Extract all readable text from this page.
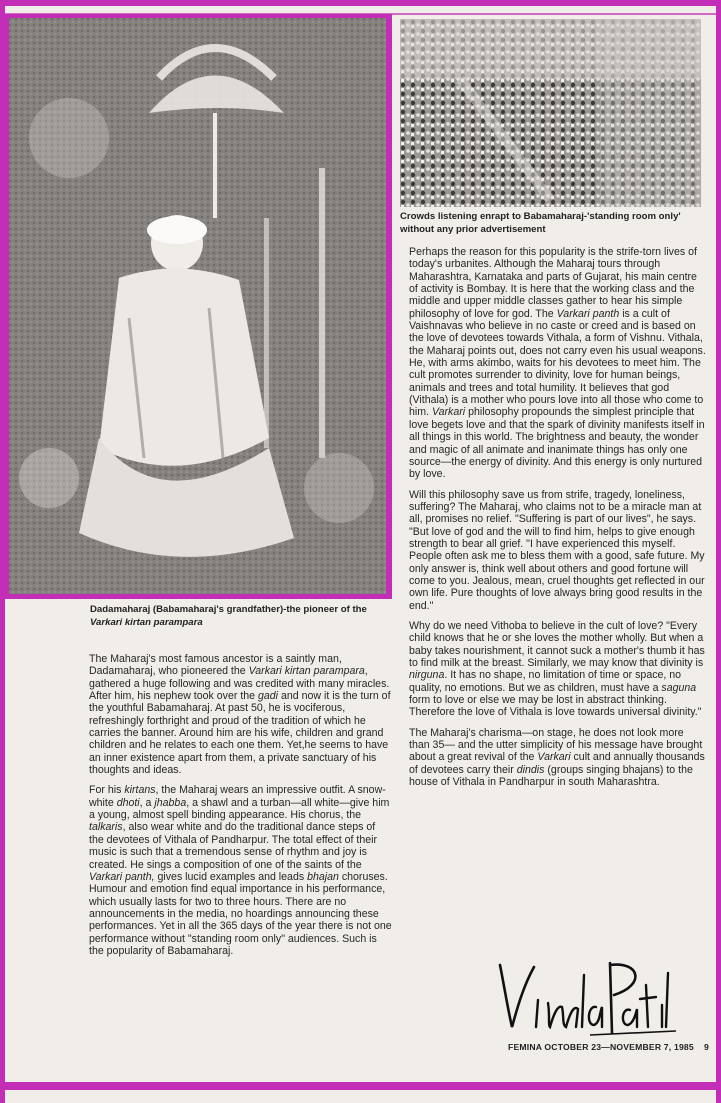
Dadamaharaj (Babamaharaj's grandfather)-the pioneer of the Varkari kirtan parampara
Crowds listening enrapt to Babamaharaj-'standing room only' without any prior advertisement

The Maharaj's most famous ancestor is a saintly man, Dadamaharaj, who pioneered the Varkari kirtan parampara, gathered a huge following and was credited with many miracles. After him, his nephew took over the gadi and now it is the turn of the youthful Babamaharaj. At past 50, he is vociferous, refreshingly forthright and proud of the tradition of which he carries the banner. Around him are his wife, children and grand children and he relates to each one them. Yet,he seems to have an inner existence apart from them, a private sanctuary of his thoughts and ideas.

For his kirtans, the Maharaj wears an impressive outfit. A snow-white dhoti, a jhabba, a shawl and a turban—all white—give him a young, almost spell binding appearance. His chorus, the talkaris, also wear white and do the traditional dance steps of the devotees of Vithala of Pandharpur. The total effect of their music is such that a tremendous sense of rhythm and joy is created. He sings a composition of one of the saints of the Varkari panth, gives lucid examples and leads bhajan choruses. Humour and emotion find equal importance in his performance, which usually lasts for two to three hours. There are no announcements in the media, no hoardings announcing these performances. Yet in all the 365 days of the year there is not one performance without "standing room only" audiences. Such is the popularity of Babamaharaj.

Perhaps the reason for this popularity is the strife-torn lives of today's urbanites. Although the Maharaj tours through Maharashtra, Karnataka and parts of Gujarat, his main centre of activity is Bombay. It is here that the working class and the middle and upper middle classes gather to hear his simple philosophy of love for god. The Varkari panth is a cult of Vaishnavas who believe in no caste or creed and is based on the love of devotees towards Vithala, a form of Vishnu. Vithala, the Maharaj points out, does not carry even his usual weapons. He, with arms akimbo, waits for his devotees to meet him. The cult promotes surrender to divinity, love for human beings, animals and trees and total humility. It believes that god (Vithala) is a mother who pours love into all those who come to him. Varkari philosophy propounds the simplest principle that love begets love and that the spark of divinity manifests itself in all things in this world. The brightness and beauty, the wonder and magic of all animate and inanimate things has only one source—the energy of divinity. And this energy is only nurtured by love.

Will this philosophy save us from strife, tragedy, loneliness, suffering? The Maharaj, who claims not to be a miracle man at all, promises no relief. "Suffering is part of our lives", he says. "But love of god and the will to find him, helps to give enough strength to bear all grief. "I have experienced this myself. People often ask me to bless them with a good, safe future. My only answer is, think well about others and good fortune will come to you. Jealous, mean, cruel thoughts get reflected in our own life. Pure thoughts of love always bring good results in the end."

Why do we need Vithoba to believe in the cult of love? "Every child knows that he or she loves the mother wholly. But when a baby takes nourishment, it cannot suck a mother's thumb it has to find milk at the breast. Similarly, we may know that divinity is nirguna. It has no shape, no limitation of time or space, no quality, no emotions. But we as children, must have a saguna form to love or else we may be lost in abstract thinking. Therefore the love of Vithala is love towards universal divinity."

The Maharaj's charisma—on stage, he does not look more than 35— and the utter simplicity of his message have brought about a great revival of the Varkari cult and annually thousands of devotees carry their dindis (groups singing bhajans) to the house of Vithala in Pandharpur in south Maharashtra.

FEMINA OCTOBER 23—NOVEMBER 7, 1985 9
